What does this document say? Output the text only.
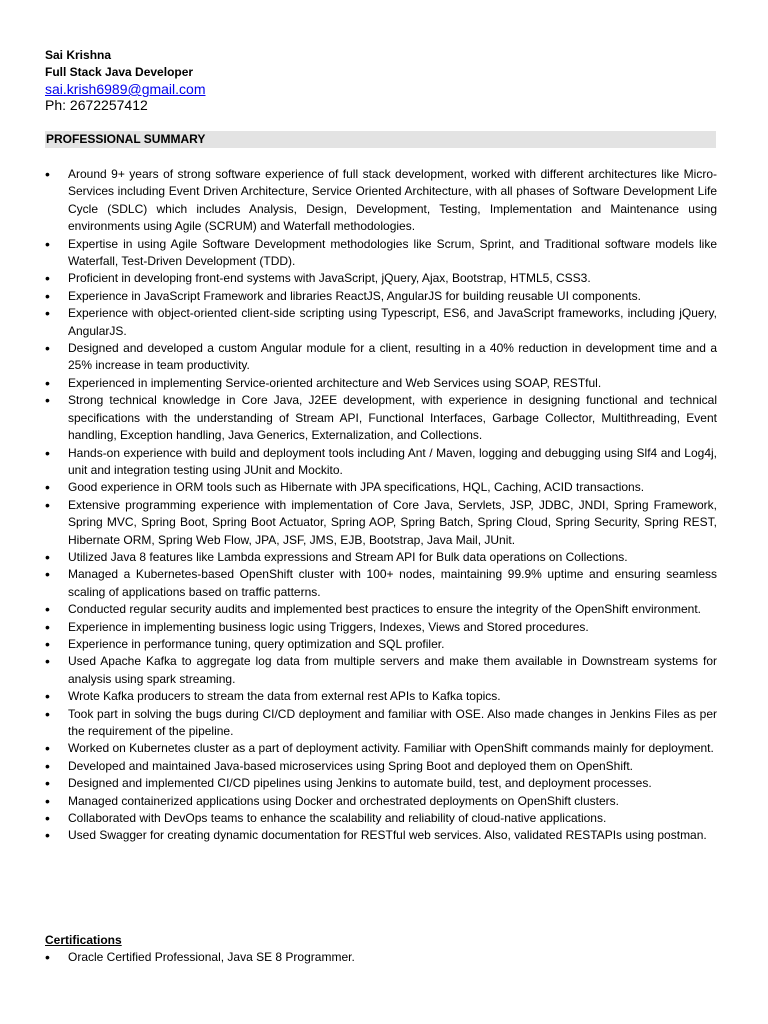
Sai Krishna

Full Stack Java Developer

sai.krish6989@gmail.com

Ph: 2672257412

PROFESSIONAL SUMMARY
• Around 9+ years of strong software experience of full stack development, worked with different architectures like Micro-Services including Event Driven Architecture, Service Oriented Architecture, with all phases of Software Development Life Cycle (SDLC) which includes Analysis, Design, Development, Testing, Implementation and Maintenance using environments using Agile (SCRUM) and Waterfall methodologies.
• Expertise in using Agile Software Development methodologies like Scrum, Sprint, and Traditional software models like Waterfall, Test-Driven Development (TDD).
• Proficient in developing front-end systems with JavaScript, jQuery, Ajax, Bootstrap, HTML5, CSS3.
• Experience in JavaScript Framework and libraries ReactJS, AngularJS for building reusable UI components.
• Experience with object-oriented client-side scripting using Typescript, ES6, and JavaScript frameworks, including jQuery, AngularJS.
• Designed and developed a custom Angular module for a client, resulting in a 40% reduction in development time and a 25% increase in team productivity.
• Experienced in implementing Service-oriented architecture and Web Services using SOAP, RESTful.
• Strong technical knowledge in Core Java, J2EE development, with experience in designing functional and technical specifications with the understanding of Stream API, Functional Interfaces, Garbage Collector, Multithreading, Event handling, Exception handling, Java Generics, Externalization, and Collections.
• Hands-on experience with build and deployment tools including Ant / Maven, logging and debugging using Slf4 and Log4j, unit and integration testing using JUnit and Mockito.
• Good experience in ORM tools such as Hibernate with JPA specifications, HQL, Caching, ACID transactions.
• Extensive programming experience with implementation of Core Java, Servlets, JSP, JDBC, JNDI, Spring Framework, Spring MVC, Spring Boot, Spring Boot Actuator, Spring AOP, Spring Batch, Spring Cloud, Spring Security, Spring REST, Hibernate ORM, Spring Web Flow, JPA, JSF, JMS, EJB, Bootstrap, Java Mail, JUnit.
• Utilized Java 8 features like Lambda expressions and Stream API for Bulk data operations on Collections.
• Managed a Kubernetes-based OpenShift cluster with 100+ nodes, maintaining 99.9% uptime and ensuring seamless scaling of applications based on traffic patterns.
• Conducted regular security audits and implemented best practices to ensure the integrity of the OpenShift environment.
• Experience in implementing business logic using Triggers, Indexes, Views and Stored procedures.
• Experience in performance tuning, query optimization and SQL profiler.
• Used Apache Kafka to aggregate log data from multiple servers and make them available in Downstream systems for analysis using spark streaming.
• Wrote Kafka producers to stream the data from external rest APIs to Kafka topics.
• Took part in solving the bugs during CI/CD deployment and familiar with OSE. Also made changes in Jenkins Files as per the requirement of the pipeline.
• Worked on Kubernetes cluster as a part of deployment activity. Familiar with OpenShift commands mainly for deployment.
• Developed and maintained Java-based microservices using Spring Boot and deployed them on OpenShift.
• Designed and implemented CI/CD pipelines using Jenkins to automate build, test, and deployment processes.
• Managed containerized applications using Docker and orchestrated deployments on OpenShift clusters.
• Collaborated with DevOps teams to enhance the scalability and reliability of cloud-native applications.
• Used Swagger for creating dynamic documentation for RESTful web services. Also, validated RESTAPIs using postman.

Certifications

• Oracle Certified Professional, Java SE 8 Programmer.
